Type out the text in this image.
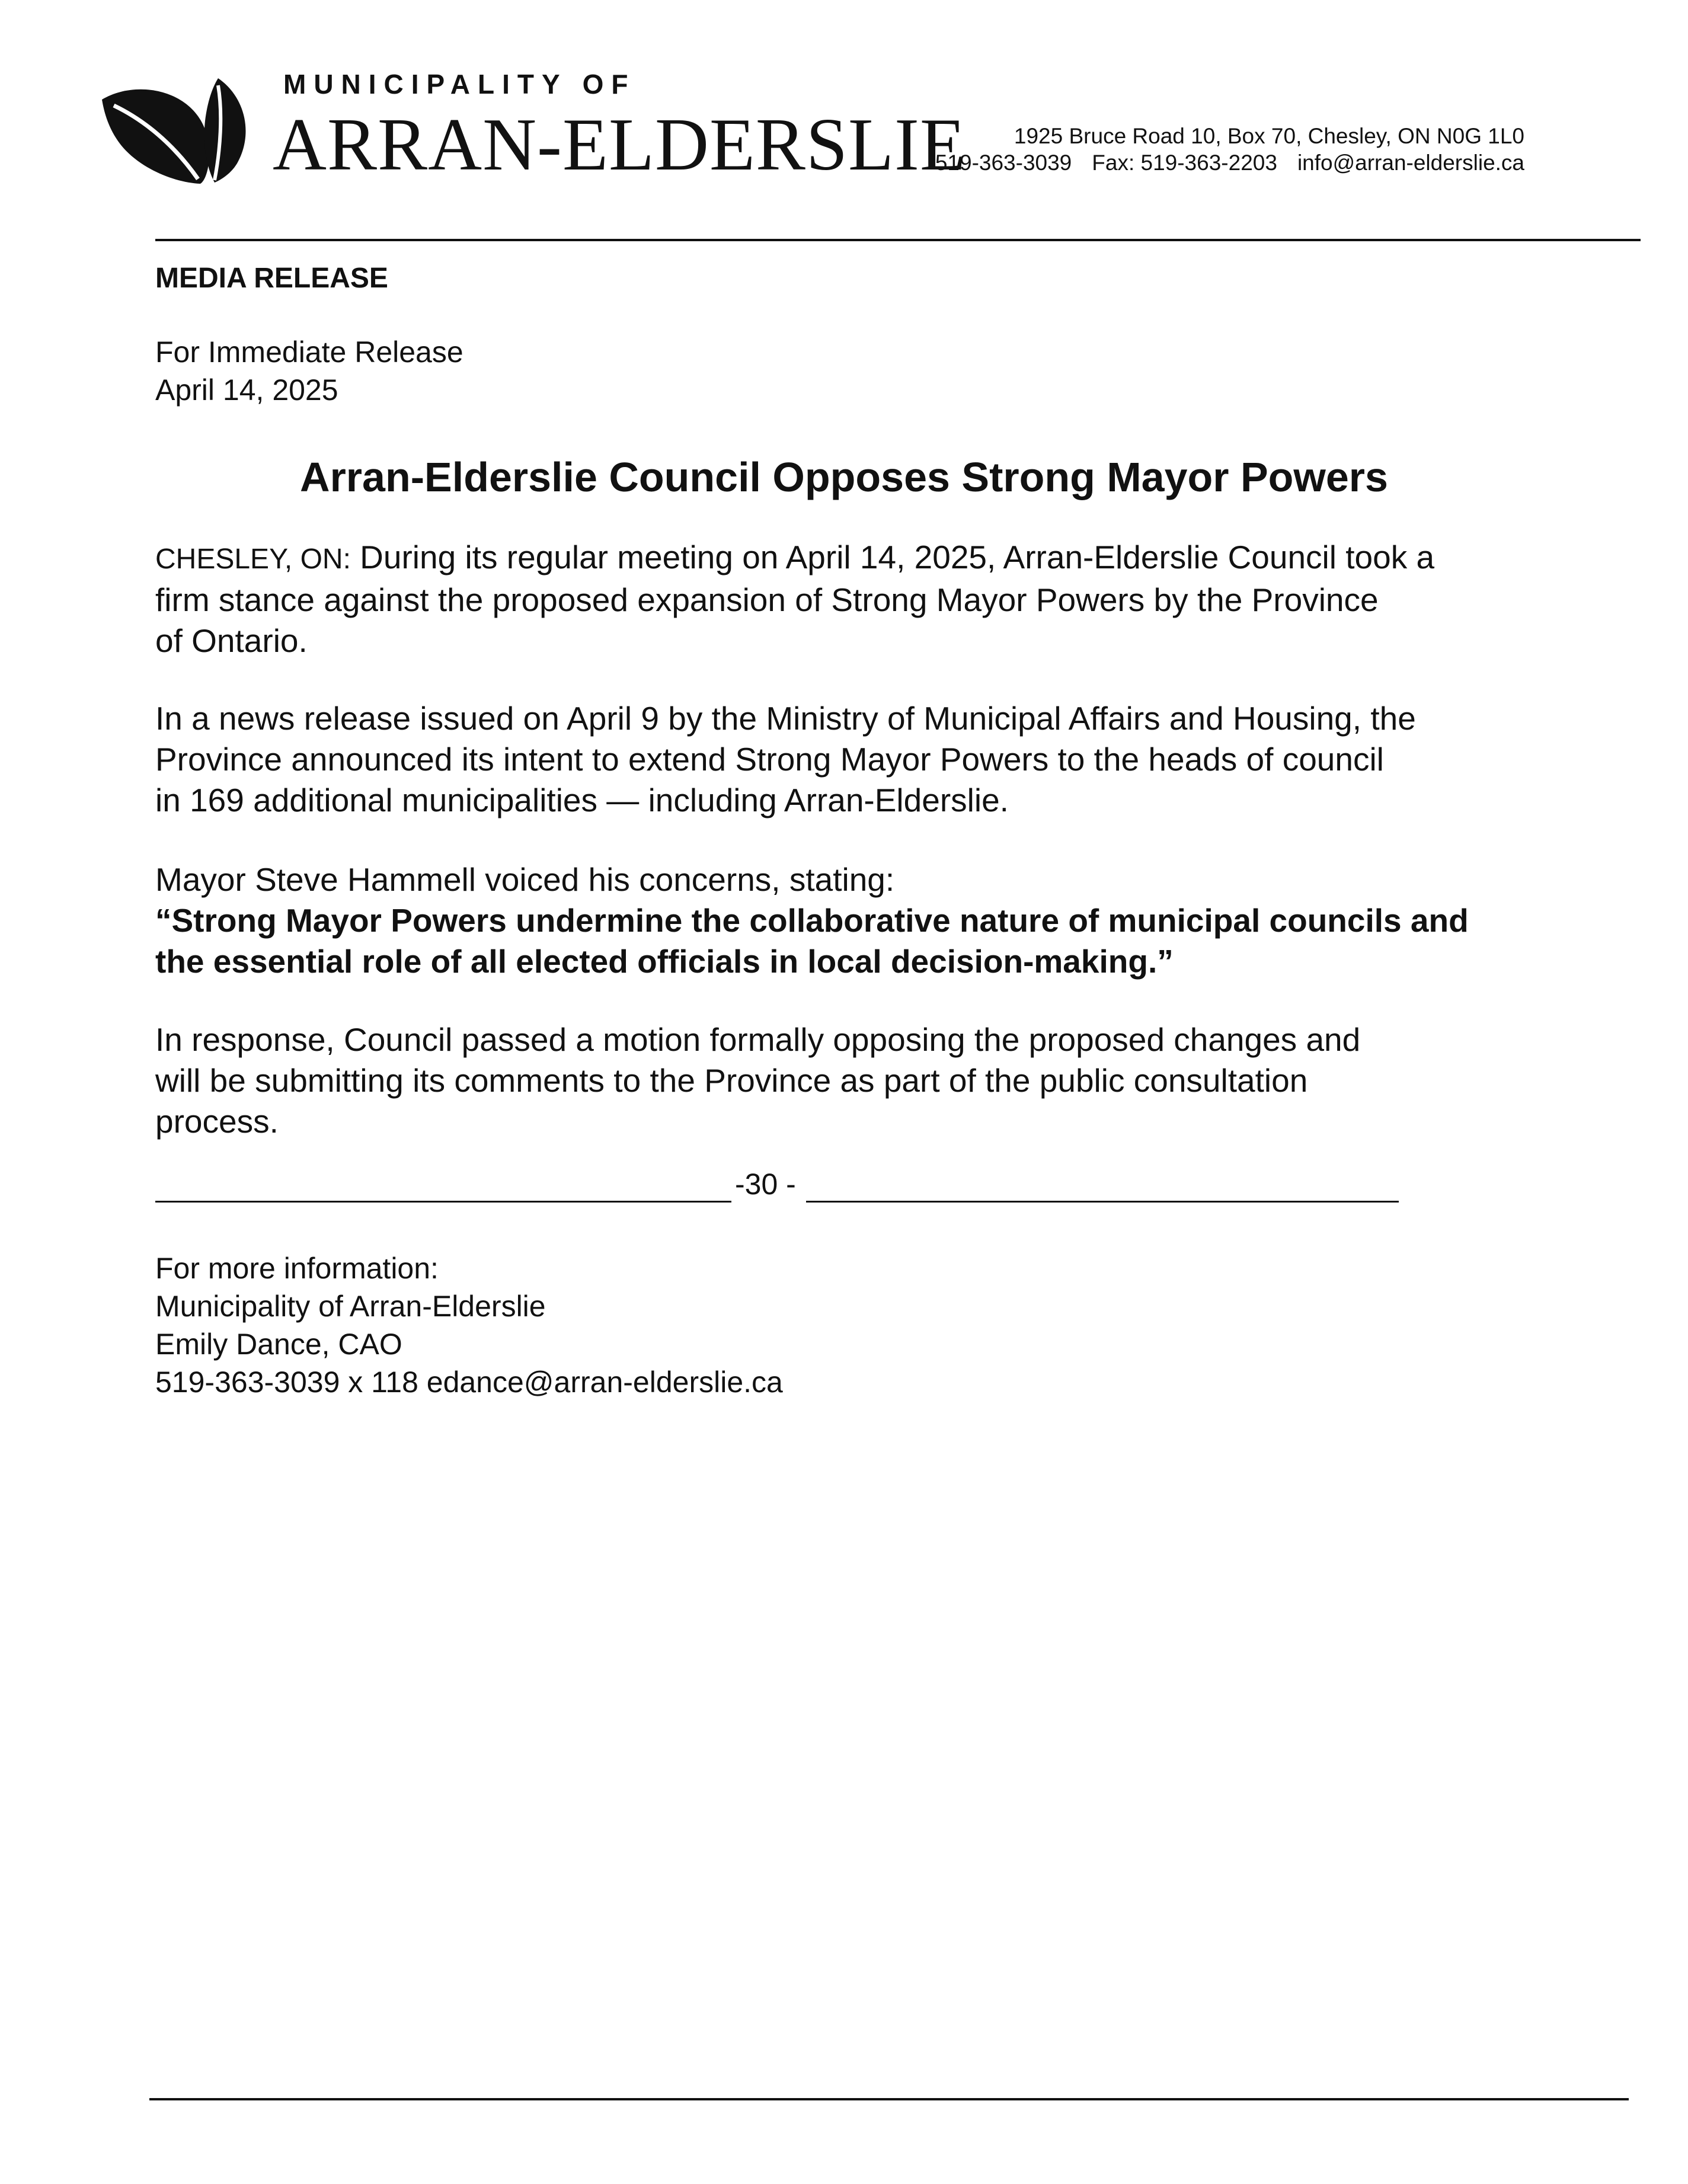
MUNICIPALITY OF
ARRAN-ELDERSLIE 1925 Bruce Road 10, Box 70, Chesley, ON N0G 1L0
519-363-3039 Fax: 519-363-2203 info@arran-elderslie.ca
MEDIA RELEASE
For Immediate Release
April 14, 2025
Arran-Elderslie Council Opposes Strong Mayor Powers
CHESLEY, ON: During its regular meeting on April 14, 2025, Arran-Elderslie Council took a
firm stance against the proposed expansion of Strong Mayor Powers by the Province
of Ontario.
In a news release issued on April 9 by the Ministry of Municipal Affairs and Housing, the
Province announced its intent to extend Strong Mayor Powers to the heads of council
in 169 additional municipalities — including Arran-Elderslie.
Mayor Steve Hammell voiced his concerns, stating:
“Strong Mayor Powers undermine the collaborative nature of municipal councils and
the essential role of all elected officials in local decision-making.”
In response, Council passed a motion formally opposing the proposed changes and
will be submitting its comments to the Province as part of the public consultation
process.
-30 -
For more information:
Municipality of Arran-Elderslie
Emily Dance, CAO
519-363-3039 x 118 edance@arran-elderslie.ca
